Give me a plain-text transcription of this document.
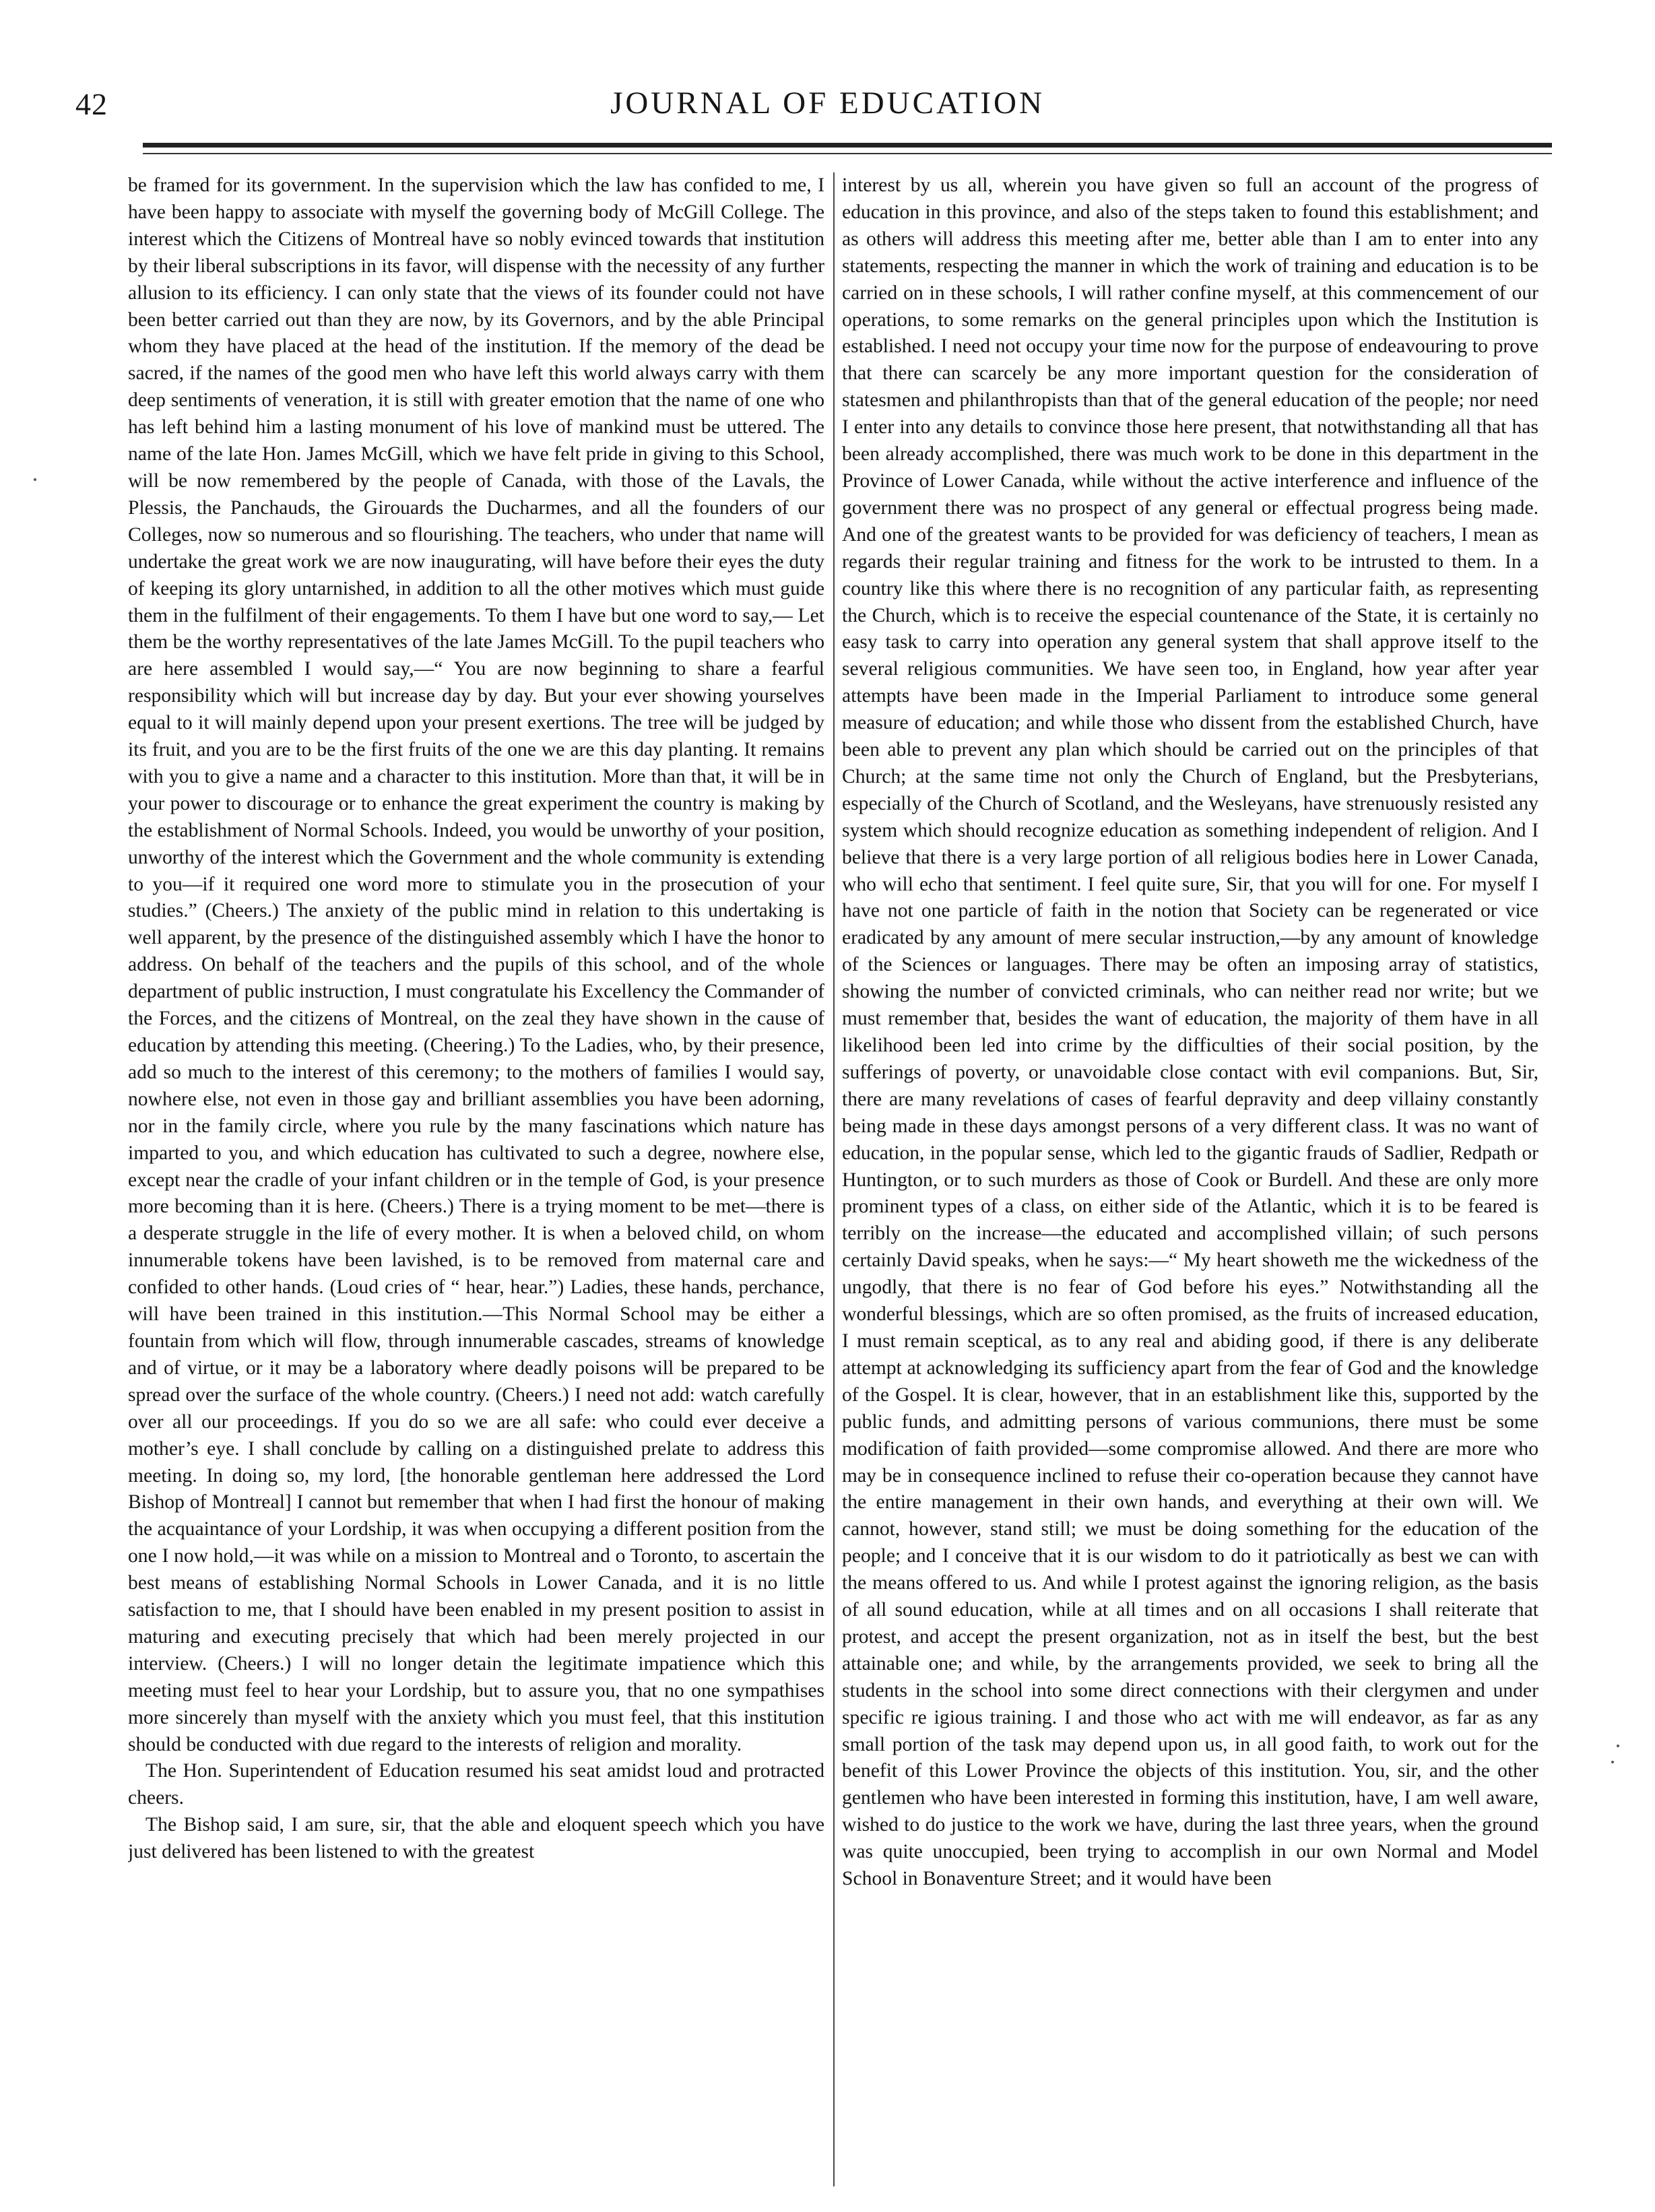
42	JOURNAL OF EDUCATION

be framed for its government. In the supervision which the law has confided to me, I have been happy to associate with myself the governing body of McGill College. The interest which the Citizens of Montreal have so nobly evinced towards that institution by their liberal subscriptions in its favor, will dispense with the necessity of any further allusion to its efficiency. I can only state that the views of its founder could not have been better carried out than they are now, by its Governors, and by the able Principal whom they have placed at the head of the institution. If the memory of the dead be sacred, if the names of the good men who have left this world always carry with them deep sentiments of veneration, it is still with greater emotion that the name of one who has left behind him a lasting monument of his love of mankind must be uttered. The name of the late Hon. James McGill, which we have felt pride in giving to this School, will be now remembered by the people of Canada, with those of the Lavals, the Plessis, the Panchauds, the Girouards the Ducharmes, and all the founders of our Colleges, now so numerous and so flourishing. The teachers, who under that name will undertake the great work we are now inaugurating, will have before their eyes the duty of keeping its glory untarnished, in addition to all the other motives which must guide them in the fulfilment of their engagements. To them I have but one word to say,— Let them be the worthy representatives of the late James McGill. To the pupil teachers who are here assembled I would say,—“ You are now beginning to share a fearful responsibility which will but increase day by day. But your ever showing yourselves equal to it will mainly depend upon your present exertions. The tree will be judged by its fruit, and you are to be the first fruits of the one we are this day planting. It remains with you to give a name and a character to this institution. More than that, it will be in your power to discourage or to enhance the great experiment the country is making by the establishment of Normal Schools. Indeed, you would be unworthy of your position, unworthy of the interest which the Government and the whole community is extending to you—if it required one word more to stimulate you in the prosecution of your studies.” (Cheers.) The anxiety of the public mind in relation to this undertaking is well apparent, by the presence of the distinguished assembly which I have the honor to address. On behalf of the teachers and the pupils of this school, and of the whole department of public instruction, I must congratulate his Excellency the Commander of the Forces, and the citizens of Montreal, on the zeal they have shown in the cause of education by attending this meeting. (Cheering.) To the Ladies, who, by their presence, add so much to the interest of this ceremony; to the mothers of families I would say, nowhere else, not even in those gay and brilliant assemblies you have been adorning, nor in the family circle, where you rule by the many fascinations which nature has imparted to you, and which education has cultivated to such a degree, nowhere else, except near the cradle of your infant children or in the temple of God, is your presence more becoming than it is here. (Cheers.) There is a trying moment to be met—there is a desperate struggle in the life of every mother. It is when a beloved child, on whom innumerable tokens have been lavished, is to be removed from maternal care and confided to other hands. (Loud cries of “ hear, hear.”) Ladies, these hands, perchance, will have been trained in this institution.—This Normal School may be either a fountain from which will flow, through innumerable cascades, streams of knowledge and of virtue, or it may be a laboratory where deadly poisons will be prepared to be spread over the surface of the whole country. (Cheers.) I need not add: watch carefully over all our proceedings. If you do so we are all safe: who could ever deceive a mother’s eye. I shall conclude by calling on a distinguished prelate to address this meeting. In doing so, my lord, [the honorable gentleman here addressed the Lord Bishop of Montreal] I cannot but remember that when I had first the honour of making the acquaintance of your Lordship, it was when occupying a different position from the one I now hold,—it was while on a mission to Montreal and o Toronto, to ascertain the best means of establishing Normal Schools in Lower Canada, and it is no little satisfaction to me, that I should have been enabled in my present position to assist in maturing and executing precisely that which had been merely projected in our interview. (Cheers.) I will no longer detain the legitimate impatience which this meeting must feel to hear your Lordship, but to assure you, that no one sympathises more sincerely than myself with the anxiety which you must feel, that this institution should be conducted with due regard to the interests of religion and morality.

The Hon. Superintendent of Education resumed his seat amidst loud and protracted cheers.

The Bishop said, I am sure, sir, that the able and eloquent speech which you have just delivered has been listened to with the greatest

interest by us all, wherein you have given so full an account of the progress of education in this province, and also of the steps taken to found this establishment; and as others will address this meeting after me, better able than I am to enter into any statements, respecting the manner in which the work of training and education is to be carried on in these schools, I will rather confine myself, at this commencement of our operations, to some remarks on the general principles upon which the Institution is established. I need not occupy your time now for the purpose of endeavouring to prove that there can scarcely be any more important question for the consideration of statesmen and philanthropists than that of the general education of the people; nor need I enter into any details to convince those here present, that notwithstanding all that has been already accomplished, there was much work to be done in this department in the Province of Lower Canada, while without the active interference and influence of the government there was no prospect of any general or effectual progress being made. And one of the greatest wants to be provided for was deficiency of teachers, I mean as regards their regular training and fitness for the work to be intrusted to them. In a country like this where there is no recognition of any particular faith, as representing the Church, which is to receive the especial countenance of the State, it is certainly no easy task to carry into operation any general system that shall approve itself to the several religious communities. We have seen too, in England, how year after year attempts have been made in the Imperial Parliament to introduce some general measure of education; and while those who dissent from the established Church, have been able to prevent any plan which should be carried out on the principles of that Church; at the same time not only the Church of England, but the Presbyterians, especially of the Church of Scotland, and the Wesleyans, have strenuously resisted any system which should recognize education as something independent of religion. And I believe that there is a very large portion of all religious bodies here in Lower Canada, who will echo that sentiment. I feel quite sure, Sir, that you will for one. For myself I have not one particle of faith in the notion that Society can be regenerated or vice eradicated by any amount of mere secular instruction,—by any amount of knowledge of the Sciences or languages. There may be often an imposing array of statistics, showing the number of convicted criminals, who can neither read nor write; but we must remember that, besides the want of education, the majority of them have in all likelihood been led into crime by the difficulties of their social position, by the sufferings of poverty, or unavoidable close contact with evil companions. But, Sir, there are many revelations of cases of fearful depravity and deep villainy constantly being made in these days amongst persons of a very different class. It was no want of education, in the popular sense, which led to the gigantic frauds of Sadlier, Redpath or Huntington, or to such murders as those of Cook or Burdell. And these are only more prominent types of a class, on either side of the Atlantic, which it is to be feared is terribly on the increase—the educated and accomplished villain; of such persons certainly David speaks, when he says:—“ My heart showeth me the wickedness of the ungodly, that there is no fear of God before his eyes.” Notwithstanding all the wonderful blessings, which are so often promised, as the fruits of increased education, I must remain sceptical, as to any real and abiding good, if there is any deliberate attempt at acknowledging its sufficiency apart from the fear of God and the knowledge of the Gospel. It is clear, however, that in an establishment like this, supported by the public funds, and admitting persons of various communions, there must be some modification of faith provided—some compromise allowed. And there are more who may be in consequence inclined to refuse their co-operation because they cannot have the entire management in their own hands, and everything at their own will. We cannot, however, stand still; we must be doing something for the education of the people; and I conceive that it is our wisdom to do it patriotically as best we can with the means offered to us. And while I protest against the ignoring religion, as the basis of all sound education, while at all times and on all occasions I shall reiterate that protest, and accept the present organization, not as in itself the best, but the best attainable one; and while, by the arrangements provided, we seek to bring all the students in the school into some direct connections with their clergymen and under specific re igious training. I and those who act with me will endeavor, as far as any small portion of the task may depend upon us, in all good faith, to work out for the benefit of this Lower Province the objects of this institution. You, sir, and the other gentlemen who have been interested in forming this institution, have, I am well aware, wished to do justice to the work we have, during the last three years, when the ground was quite unoccupied, been trying to accomplish in our own Normal and Model School in Bonaventure Street; and it would have been
